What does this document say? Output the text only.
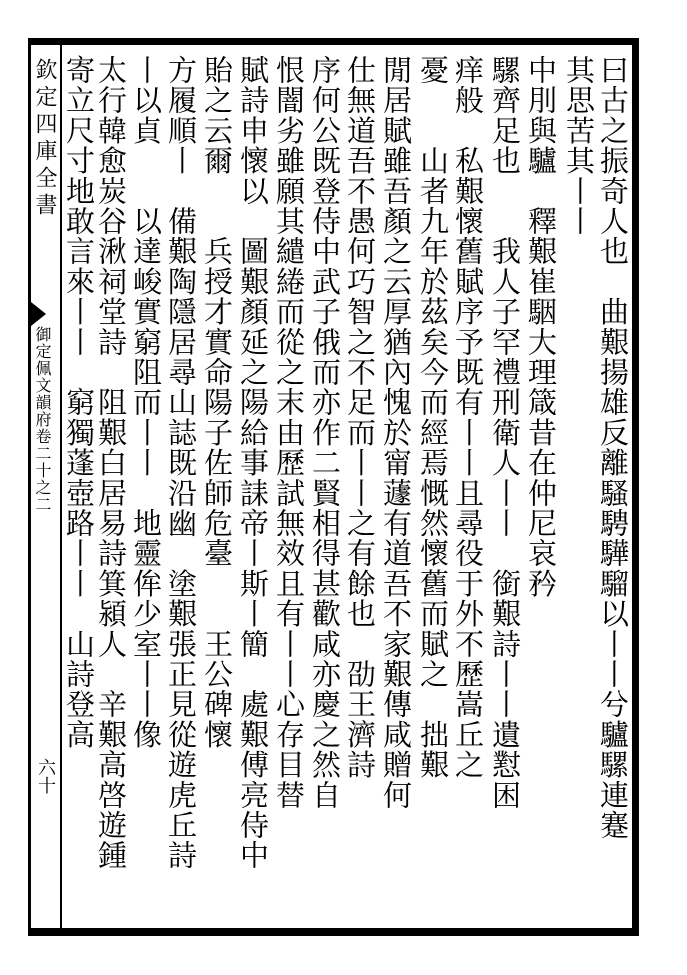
欽定四庫全書
御定佩文韻府卷二十之二
六十	曰古之振奇人也　曲艱揚雄反離騷騁驊騮以丨丨兮驢騾連蹇
其思苦其丨丨　
中刖與驢　釋艱崔駰大理箴昔在仲尼哀矜
騾齊足也　　我人子罕禮刑衛人丨丨　銜艱詩丨丨遺懟困
痒般　私艱懷舊賦序予既有丨丨且尋役于外不歷嵩丘之
憂　　山者九年於茲矣今而經焉慨然懷舊而賦之　拙艱
閒居賦雖吾顏之云厚猶內愧於甯蘧有道吾不家艱傳咸贈何
仕無道吾不愚何巧智之不足而丨丨之有餘也　劭王濟詩
序何公既登侍中武子俄而亦作二賢相得甚歡咸亦慶之然自
恨闇劣雖願其繾綣而從之末由歷試無效且有丨丨心存目替
賦詩申懷以　圖艱顏延之陽給事誄帝丨斯丨簡　處艱傅亮侍中
貽之云爾　　兵授才實命陽子佐師危臺　　王公碑懷
方履順丨　備艱陶隱居尋山誌既沿幽　塗艱張正見從遊虎丘詩
丨以貞　　以達峻實窮阻而丨丨　地靈侔少室丨丨像
太行韓愈炭谷湫祠堂詩　阻艱白居易詩箕潁人　辛艱高啓遊鍾
寄立尺寸地敢言來丨丨　窮獨蓬壺路丨丨　山詩登高
